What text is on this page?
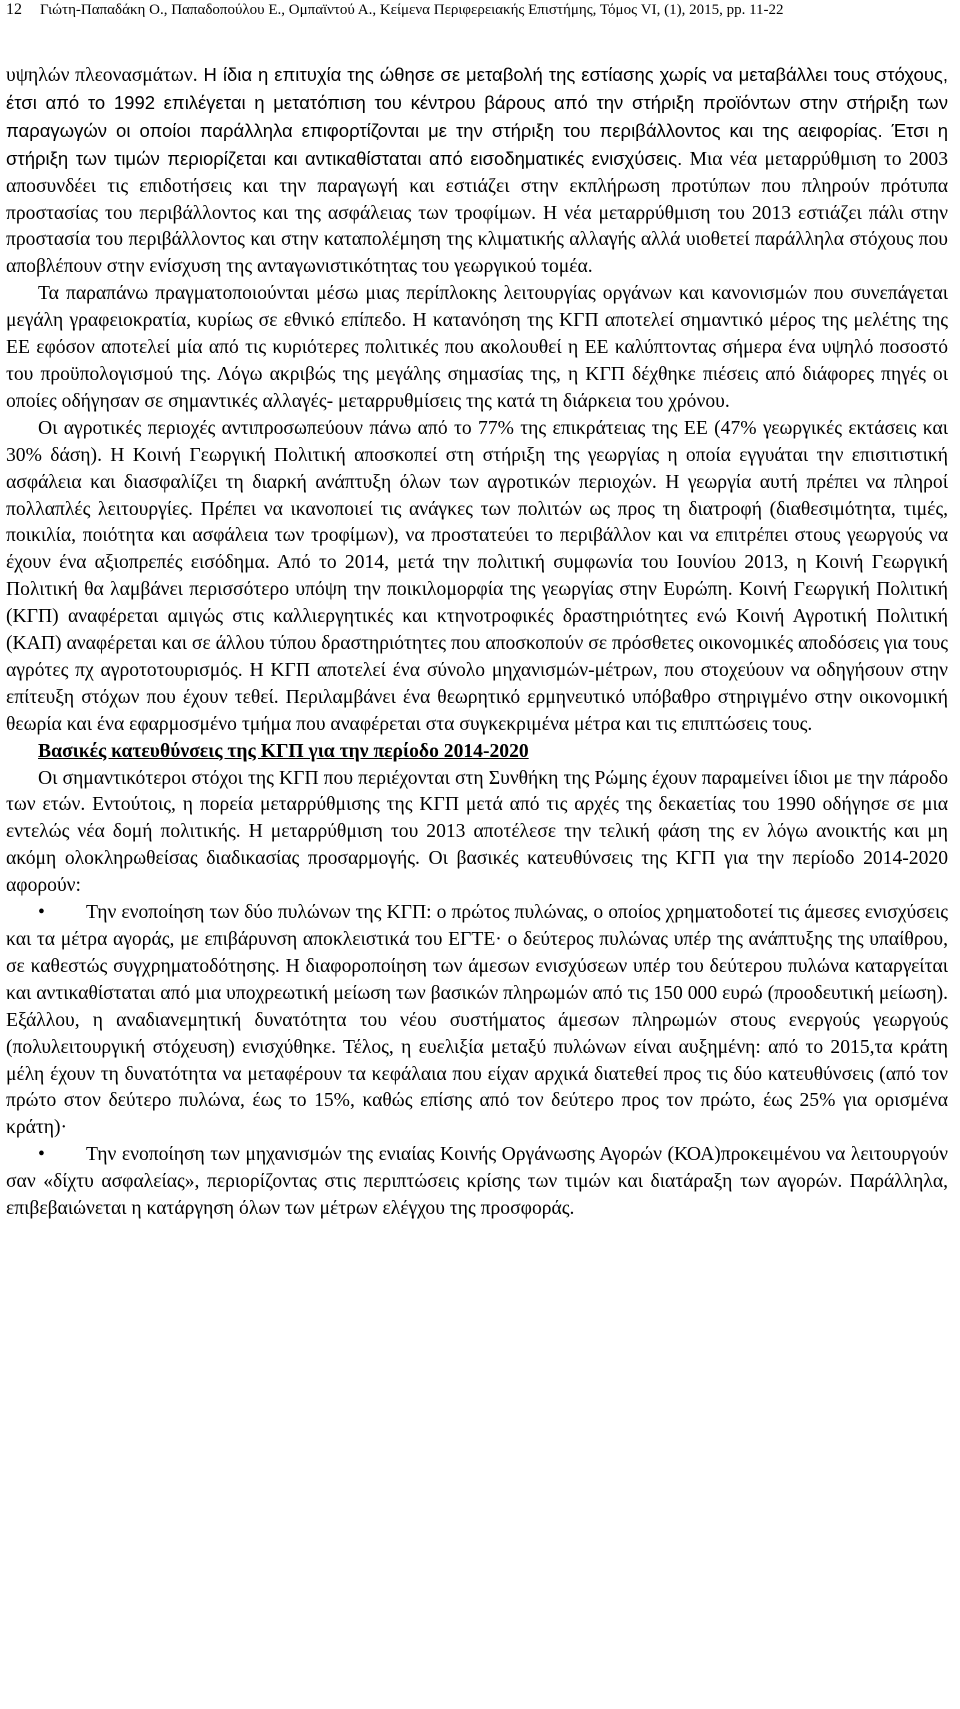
12 Γιώτη-Παπαδάκη Ο., Παπαδοπούλου Ε., Ομπαϊντού Α., Κείμενα Περιφερειακής Επιστήμης, Τόμος VI, (1), 2015, pp. 11-22

υψηλών πλεονασμάτων. Η ίδια η επιτυχία της ώθησε σε μεταβολή της εστίασης χωρίς να μεταβάλλει τους στόχους, έτσι από το 1992 επιλέγεται η μετατόπιση του κέντρου βάρους από την στήριξη προϊόντων στην στήριξη των παραγωγών οι οποίοι παράλληλα επιφορτίζονται με την στήριξη του περιβάλλοντος και της αειφορίας. Έτσι η στήριξη των τιμών περιορίζεται και αντικαθίσταται από εισοδηματικές ενισχύσεις. Μια νέα μεταρρύθμιση το 2003 αποσυνδέει τις επιδοτήσεις και την παραγωγή και εστιάζει στην εκπλήρωση προτύπων που πληρούν πρότυπα προστασίας του περιβάλλοντος και της ασφάλειας των τροφίμων. Η νέα μεταρρύθμιση του 2013 εστιάζει πάλι στην προστασία του περιβάλλοντος και στην καταπολέμηση της κλιματικής αλλαγής αλλά υιοθετεί παράλληλα στόχους που αποβλέπουν στην ενίσχυση της ανταγωνιστικότητας του γεωργικού τομέα.

Τα παραπάνω πραγματοποιούνται μέσω μιας περίπλοκης λειτουργίας οργάνων και κανονισμών που συνεπάγεται μεγάλη γραφειοκρατία, κυρίως σε εθνικό επίπεδο. Η κατανόηση της ΚΓΠ αποτελεί σημαντικό μέρος της μελέτης της ΕΕ εφόσον αποτελεί μία από τις κυριότερες πολιτικές που ακολουθεί η ΕΕ καλύπτοντας σήμερα ένα υψηλό ποσοστό του προϋπολογισμού της. Λόγω ακριβώς της μεγάλης σημασίας της, η ΚΓΠ δέχθηκε πιέσεις από διάφορες πηγές οι οποίες οδήγησαν σε σημαντικές αλλαγές- μεταρρυθμίσεις της κατά τη διάρκεια του χρόνου.

Οι αγροτικές περιοχές αντιπροσωπεύουν πάνω από το 77% της επικράτειας της ΕΕ (47% γεωργικές εκτάσεις και 30% δάση). Η Κοινή Γεωργική Πολιτική αποσκοπεί στη στήριξη της γεωργίας η οποία εγγυάται την επισιτιστική ασφάλεια και διασφαλίζει τη διαρκή ανάπτυξη όλων των αγροτικών περιοχών. Η γεωργία αυτή πρέπει να πληροί πολλαπλές λειτουργίες. Πρέπει να ικανοποιεί τις ανάγκες των πολιτών ως προς τη διατροφή (διαθεσιμότητα, τιμές, ποικιλία, ποιότητα και ασφάλεια των τροφίμων), να προστατεύει το περιβάλλον και να επιτρέπει στους γεωργούς να έχουν ένα αξιοπρεπές εισόδημα. Από το 2014, μετά την πολιτική συμφωνία του Ιουνίου 2013, η Κοινή Γεωργική Πολιτική θα λαμβάνει περισσότερο υπόψη την ποικιλομορφία της γεωργίας στην Ευρώπη. Κοινή Γεωργική Πολιτική (ΚΓΠ) αναφέρεται αμιγώς στις καλλιεργητικές και κτηνοτροφικές δραστηριότητες ενώ Κοινή Αγροτική Πολιτική (ΚΑΠ) αναφέρεται και σε άλλου τύπου δραστηριότητες που αποσκοπούν σε πρόσθετες οικονομικές αποδόσεις για τους αγρότες πχ αγροτοτουρισμός. Η ΚΓΠ αποτελεί ένα σύνολο μηχανισμών-μέτρων, που στοχεύουν να οδηγήσουν στην επίτευξη στόχων που έχουν τεθεί. Περιλαμβάνει ένα θεωρητικό ερμηνευτικό υπόβαθρο στηριγμένο στην οικονομική θεωρία και ένα εφαρμοσμένο τμήμα που αναφέρεται στα συγκεκριμένα μέτρα και τις επιπτώσεις τους.

Βασικές κατευθύνσεις της ΚΓΠ για την περίοδο 2014-2020

Οι σημαντικότεροι στόχοι της ΚΓΠ που περιέχονται στη Συνθήκη της Ρώμης έχουν παραμείνει ίδιοι με την πάροδο των ετών. Εντούτοις, η πορεία μεταρρύθμισης της ΚΓΠ μετά από τις αρχές της δεκαετίας του 1990 οδήγησε σε μια εντελώς νέα δομή πολιτικής. Η μεταρρύθμιση του 2013 αποτέλεσε την τελική φάση της εν λόγω ανοικτής και μη ακόμη ολοκληρωθείσας διαδικασίας προσαρμογής. Οι βασικές κατευθύνσεις της ΚΓΠ για την περίοδο 2014-2020 αφορούν:

• Την ενοποίηση των δύο πυλώνων της ΚΓΠ: ο πρώτος πυλώνας, ο οποίος χρηματοδοτεί τις άμεσες ενισχύσεις και τα μέτρα αγοράς, με επιβάρυνση αποκλειστικά του ΕΓΤΕ· ο δεύτερος πυλώνας υπέρ της ανάπτυξης της υπαίθρου, σε καθεστώς συγχρηματοδότησης. Η διαφοροποίηση των άμεσων ενισχύσεων υπέρ του δεύτερου πυλώνα καταργείται και αντικαθίσταται από μια υποχρεωτική μείωση των βασικών πληρωμών από τις 150 000 ευρώ (προοδευτική μείωση). Εξάλλου, η αναδιανεμητική δυνατότητα του νέου συστήματος άμεσων πληρωμών στους ενεργούς γεωργούς (πολυλειτουργική στόχευση) ενισχύθηκε. Τέλος, η ευελιξία μεταξύ πυλώνων είναι αυξημένη: από το 2015,τα κράτη μέλη έχουν τη δυνατότητα να μεταφέρουν τα κεφάλαια που είχαν αρχικά διατεθεί προς τις δύο κατευθύνσεις (από τον πρώτο στον δεύτερο πυλώνα, έως το 15%, καθώς επίσης από τον δεύτερο προς τον πρώτο, έως 25% για ορισμένα κράτη)·

• Την ενοποίηση των μηχανισμών της ενιαίας Κοινής Οργάνωσης Αγορών (ΚΟΑ)προκειμένου να λειτουργούν σαν «δίχτυ ασφαλείας», περιορίζοντας στις περιπτώσεις κρίσης των τιμών και διατάραξη των αγορών. Παράλληλα, επιβεβαιώνεται η κατάργηση όλων των μέτρων ελέγχου της προσφοράς.
